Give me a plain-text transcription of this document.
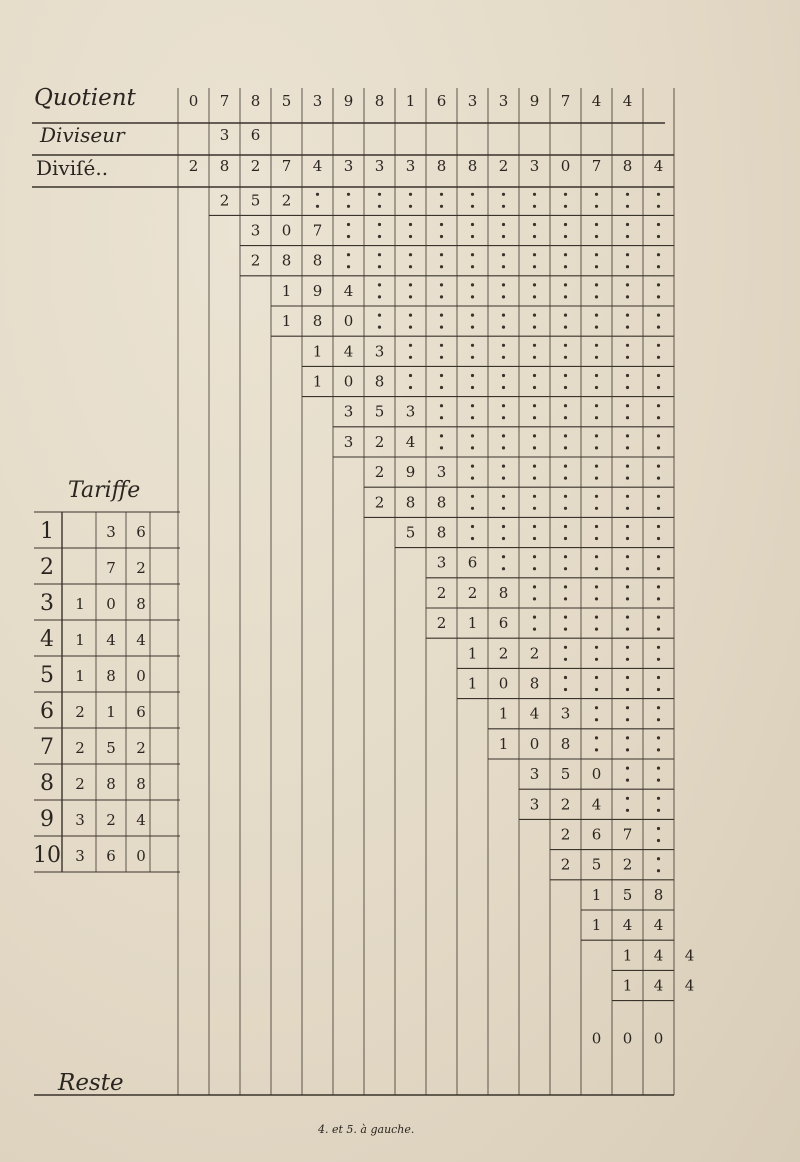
0 7 8 5 3 9 8 1 6 3 3 9 7 4 4
3 6
2 8 2 7 4 3 3 3 8 8 2 3 0 7 8 4
2 5 2
3 0 7
2 8 8
1 9 4
1 8 0
1 4 3
1 0 8
3 5 3
3 2 4
2 9 3
2 8 8
5 8
3 6
2 2 8
2 1 6
1 2 2
1 0 8
1 4 3
1 0 8
3 5 0
3 2 4
2 6 7
2 5 2
1 5 8
1 4 4
1 4 4
1 4 4
0 0 0
1	3 6
2	7 2
3 1 0 8
4 1 4 4
5 1 8 0
6 2 1 6
7 2 5 2
8 2 8 8
9 3 2 4
10 3 6 0
Quotient
Diviseur
Diviſé..
Tariffe
Reste
4. et 5. à gauche.
